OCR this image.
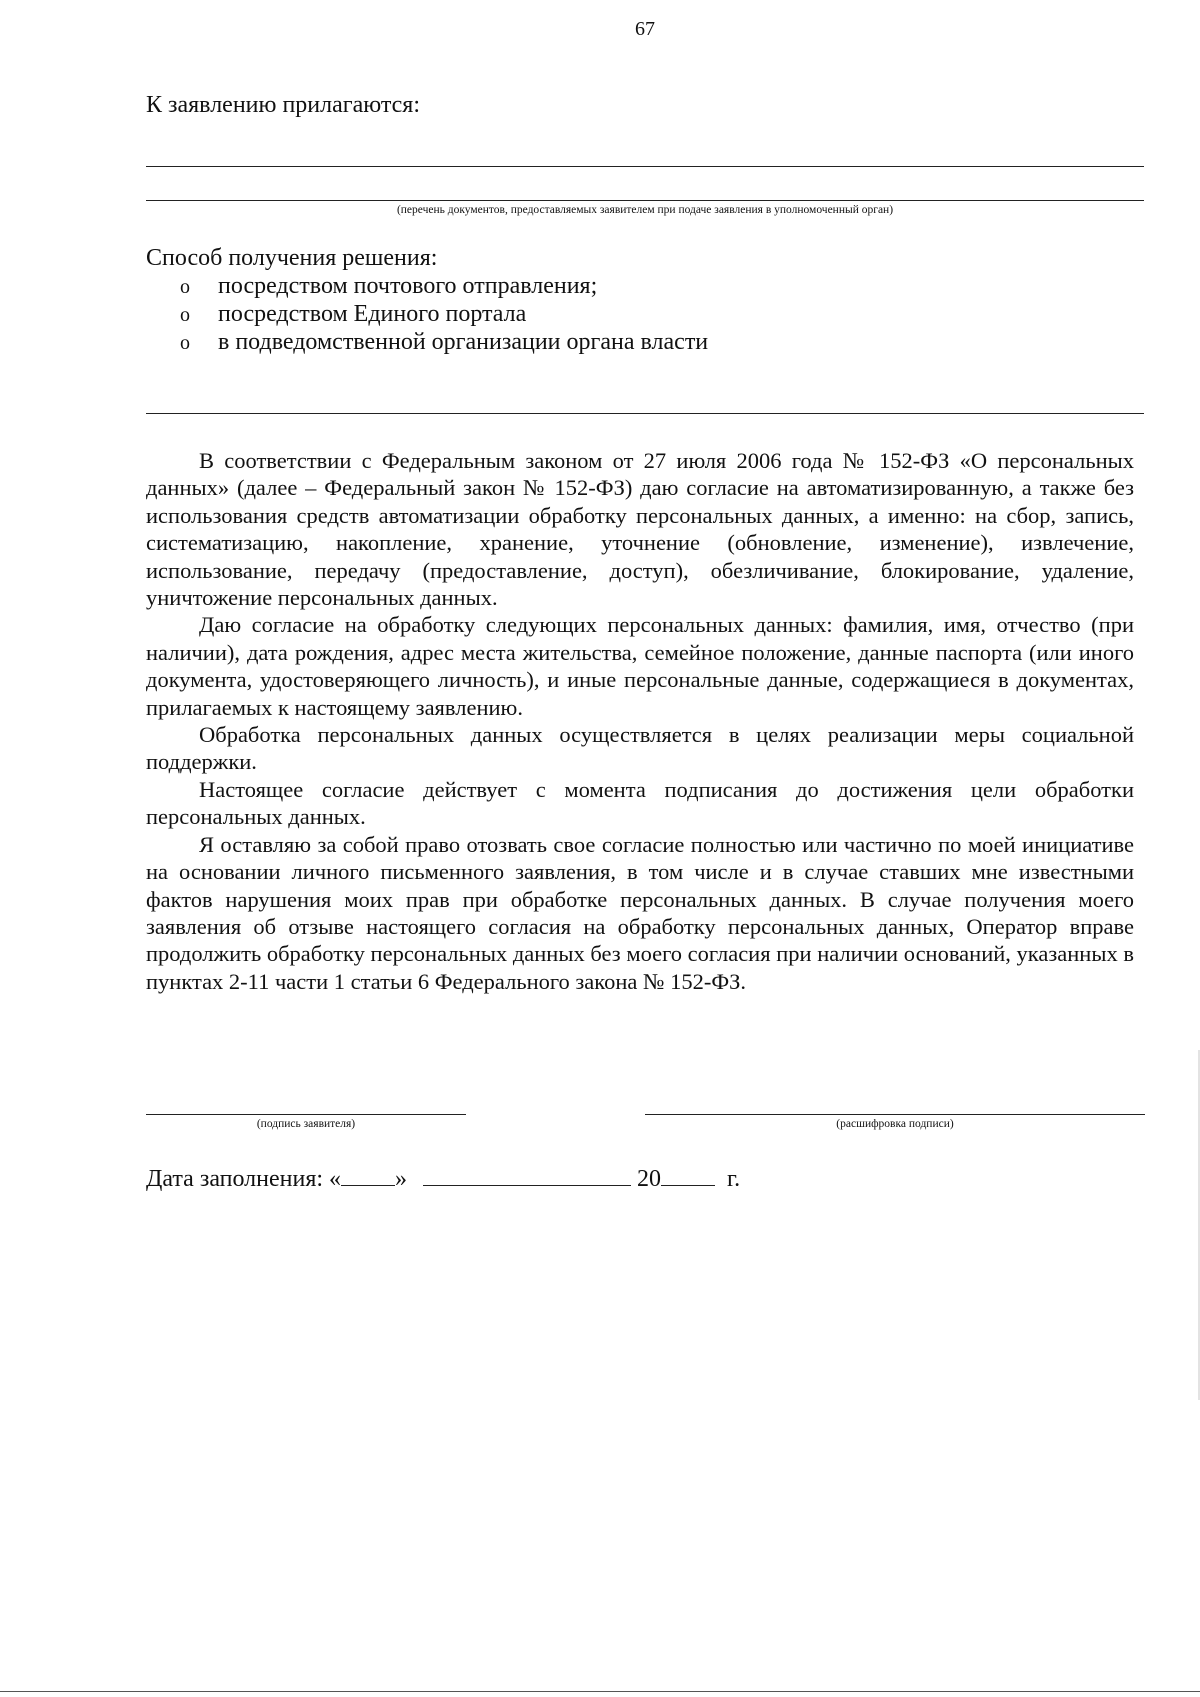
67
К заявлению прилагаются:
(перечень документов, предоставляемых заявителем при подаче заявления в уполномоченный орган)
Способ получения решения:
o	посредством почтового отправления;
o	посредством Единого портала
o	в подведомственной организации органа власти

В соответствии с Федеральным законом от 27 июля 2006 года № 152-ФЗ «О персональных данных» (далее – Федеральный закон № 152-ФЗ) даю согласие на автоматизированную, а также без использования средств автоматизации обработку персональных данных, а именно: на сбор, запись, систематизацию, накопление, хранение, уточнение (обновление, изменение), извлечение, использование, передачу (предоставление, доступ), обезличивание, блокирование, удаление, уничтожение персональных данных.

Даю согласие на обработку следующих персональных данных: фамилия, имя, отчество (при наличии), дата рождения, адрес места жительства, семейное положение, данные паспорта (или иного документа, удостоверяющего личность), и иные персональные данные, содержащиеся в документах, прилагаемых к настоящему заявлению.

Обработка персональных данных осуществляется в целях реализации меры социальной поддержки.

Настоящее согласие действует с момента подписания до достижения цели обработки персональных данных.

Я оставляю за собой право отозвать свое согласие полностью или частично по моей инициативе на основании личного письменного заявления, в том числе и в случае ставших мне известными фактов нарушения моих прав при обработке персональных данных. В случае получения моего заявления об отзыве настоящего согласия на обработку персональных данных, Оператор вправе продолжить обработку персональных данных без моего согласия при наличии оснований, указанных в пунктах 2-11 части 1 статьи 6 Федерального закона № 152-ФЗ.

(подпись заявителя)	(расшифровка подписи)
Дата заполнения: « »	20	г.
